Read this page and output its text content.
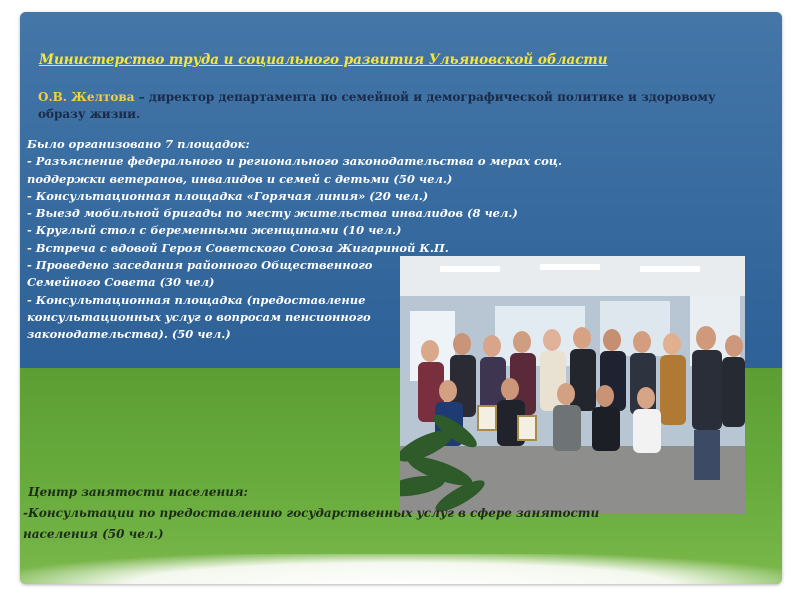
Министерство труда и социального развития Ульяновской области
О.В. Желтова – директор департамента по семейной и демографической политике и здоровому образу жизни.
Было организовано 7 площадок:
- Разъяснение федерального и регионального законодательства о мерах соц.
поддержки ветеранов, инвалидов и семей с детьми (50 чел.)
- Консультационная площадка «Горячая линия» (20 чел.)
- Выезд мобильной бригады по месту жительства инвалидов (8 чел.)
- Круглый стол с беременными женщинами (10 чел.)
- Встреча с вдовой Героя Советского Союза Жигариной К.П.
- Проведено заседания районного Общественного
Семейного Совета (30 чел)
- Консультационная площадка (предоставление
консультационных услуг о вопросам пенсионного
законодательства). (50 чел.)
Центр занятости населения:
-Консультации по предоставлению государственных услуг в сфере занятости
населения (50 чел.)
